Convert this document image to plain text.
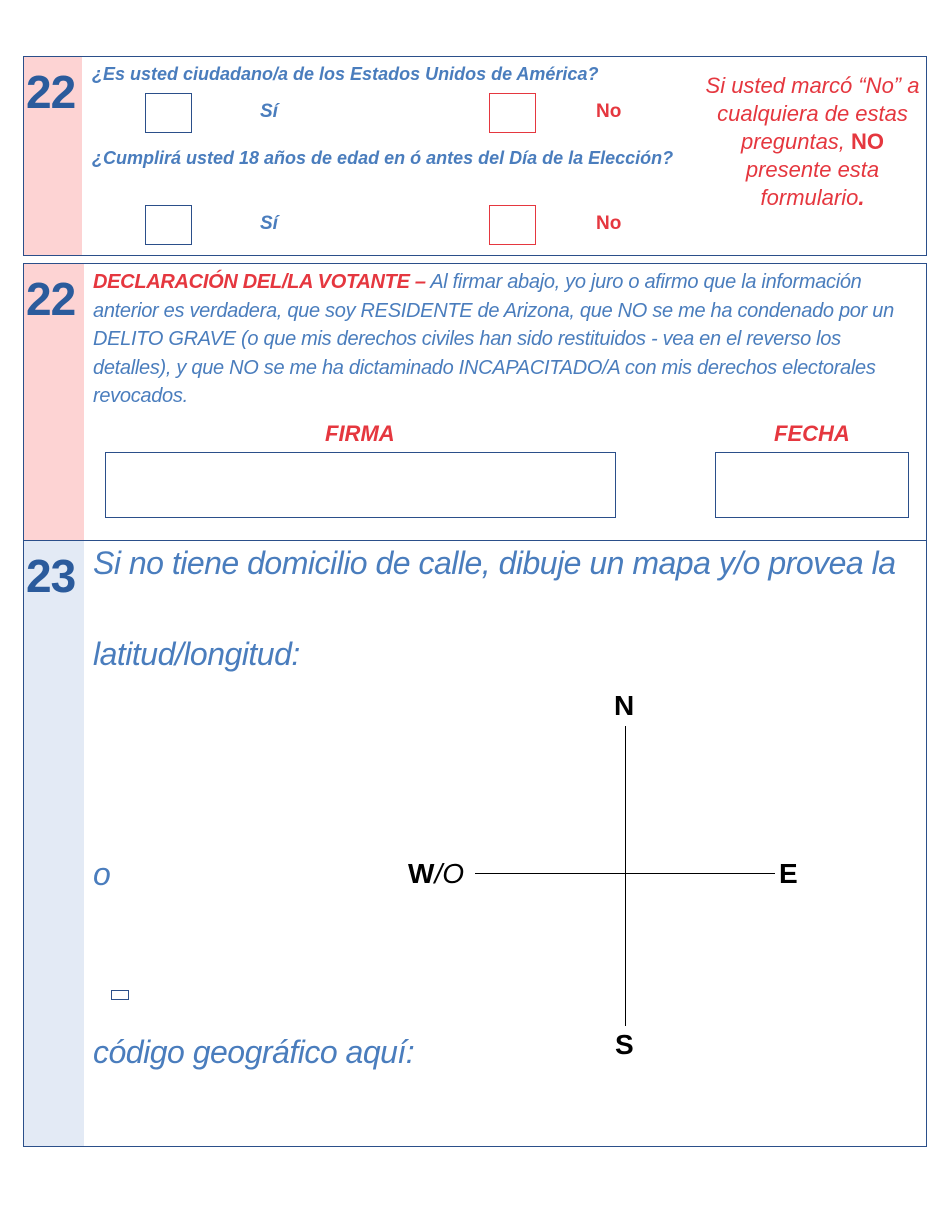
22 ¿Es usted ciudadano/a de los Estados Unidos de América?
Sí	No
¿Cumplirá usted 18 años de edad en ó antes del Día de la Elección?
Sí	No
Si usted marcó “No” a cualquiera de estas preguntas, NO presente esta formulario.
22 DECLARACIÓN DEL/LA VOTANTE – Al firmar abajo, yo juro o afirmo que la información anterior es verdadera, que soy RESIDENTE de Arizona, que NO se me ha condenado por un DELITO GRAVE (o que mis derechos civiles han sido restituidos - vea en el reverso los detalles), y que NO se me ha dictaminado INCAPACITADO/A con mis derechos electorales revocados.
FIRMA	FECHA
23 Si no tiene domicilio de calle, dibuje un mapa y/o provea la
latitud/longitud:
o
código geográfico aquí:
N
W/O	E
S
